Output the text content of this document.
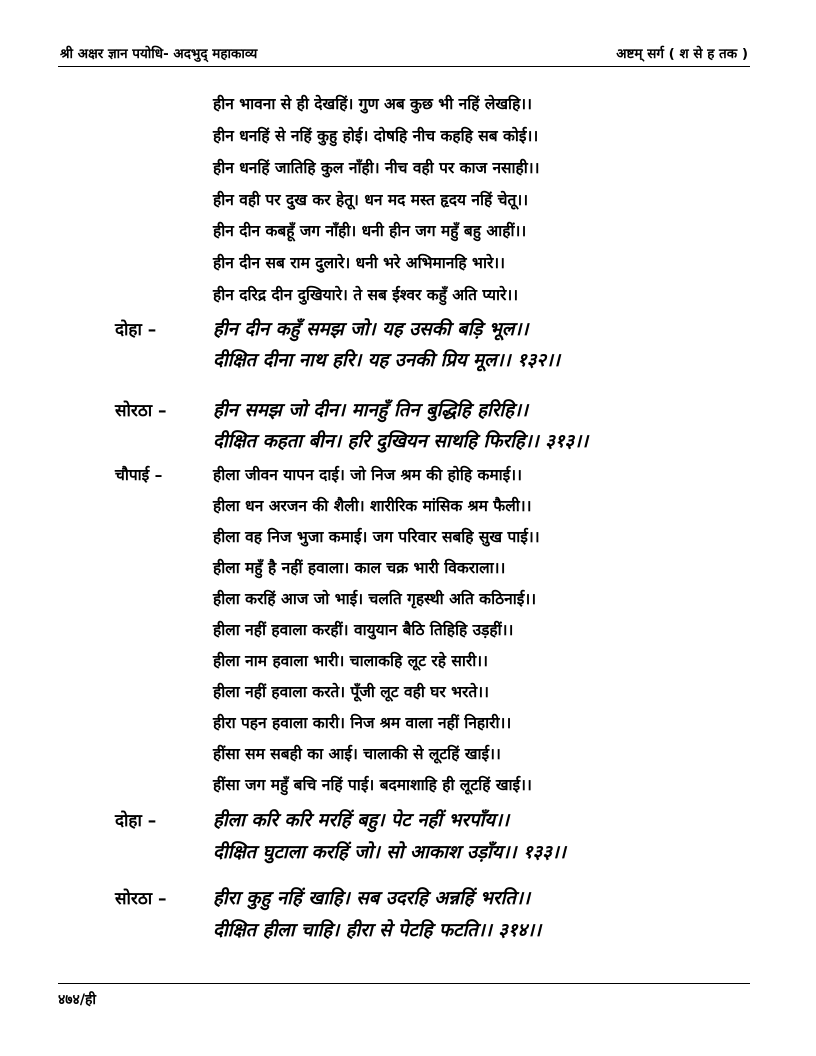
श्री अक्षर ज्ञान पयोधि- अदभुद् महाकाव्य	अष्टम् सर्ग ( श से ह तक )
हीन भावना से ही देखहिं। गुण अब कुछ भी नहिं लेखहि।।
हीन धनहिं से नहिं कुहु होई। दोषहि नीच कहहि सब कोई।।
हीन धनहिं जातिहि कुल नाँही। नीच वही पर काज नसाही।।
हीन वही पर दुख कर हेतू। धन मद मस्त हृदय नहिं चेतू।।
हीन दीन कबहूँ जग नाँही। धनी हीन जग महुँ बहु आहीं।।
हीन दीन सब राम दुलारे। धनी भरे अभिमानहि भारे।।
हीन दरिद्र दीन दुखियारे। ते सब ईश्वर कहुँ अति प्यारे।।
दोहा –	हीन दीन कहुँ समझ जो। यह उसकी बड़ि भूल।।
दीक्षित दीना नाथ हरि। यह उनकी प्रिय मूल।। १३२।।
सोरठा –	हीन समझ जो दीन। मानहुँ तिन बुद्धिहि हरिहि।।
दीक्षित कहता बीन। हरि दुखियन साथहि फिरहि।। ३१३।।
चौपाई –	हीला जीवन यापन दाई। जो निज श्रम की होहि कमाई।।
हीला धन अरजन की शैली। शारीरिक मांसिक श्रम फैली।।
हीला वह निज भुजा कमाई। जग परिवार सबहि सुख पाई।।
हीला महुँ है नहीं हवाला। काल चक्र भारी विकराला।।
हीला करहिं आज जो भाई। चलति गृहस्थी अति कठिनाई।।
हीला नहीं हवाला करहीं। वायुयान बैठि तिहिहि उड़हीं।।
हीला नाम हवाला भारी। चालाकहि लूट रहे सारी।।
हीला नहीं हवाला करते। पूँजी लूट वही घर भरते।।
हीरा पहन हवाला कारी। निज श्रम वाला नहीं निहारी।।
हींसा सम सबही का आई। चालाकी से लूटहिं खाई।।
हींसा जग महुँ बचि नहिं पाई। बदमाशाहि ही लूटहिं खाई।।
दोहा –	हीला करि करि मरहिं बहु। पेट नहीं भरपाँय।।
दीक्षित घुटाला करहिं जो। सो आकाश उड़ाँय।। १३३।।
सोरठा –	हीरा कुहु नहिं खाहि। सब उदरहि अन्नहिं भरति।।
दीक्षित हीला चाहि। हीरा से पेटहि फटति।। ३१४।।
४७४/ही
